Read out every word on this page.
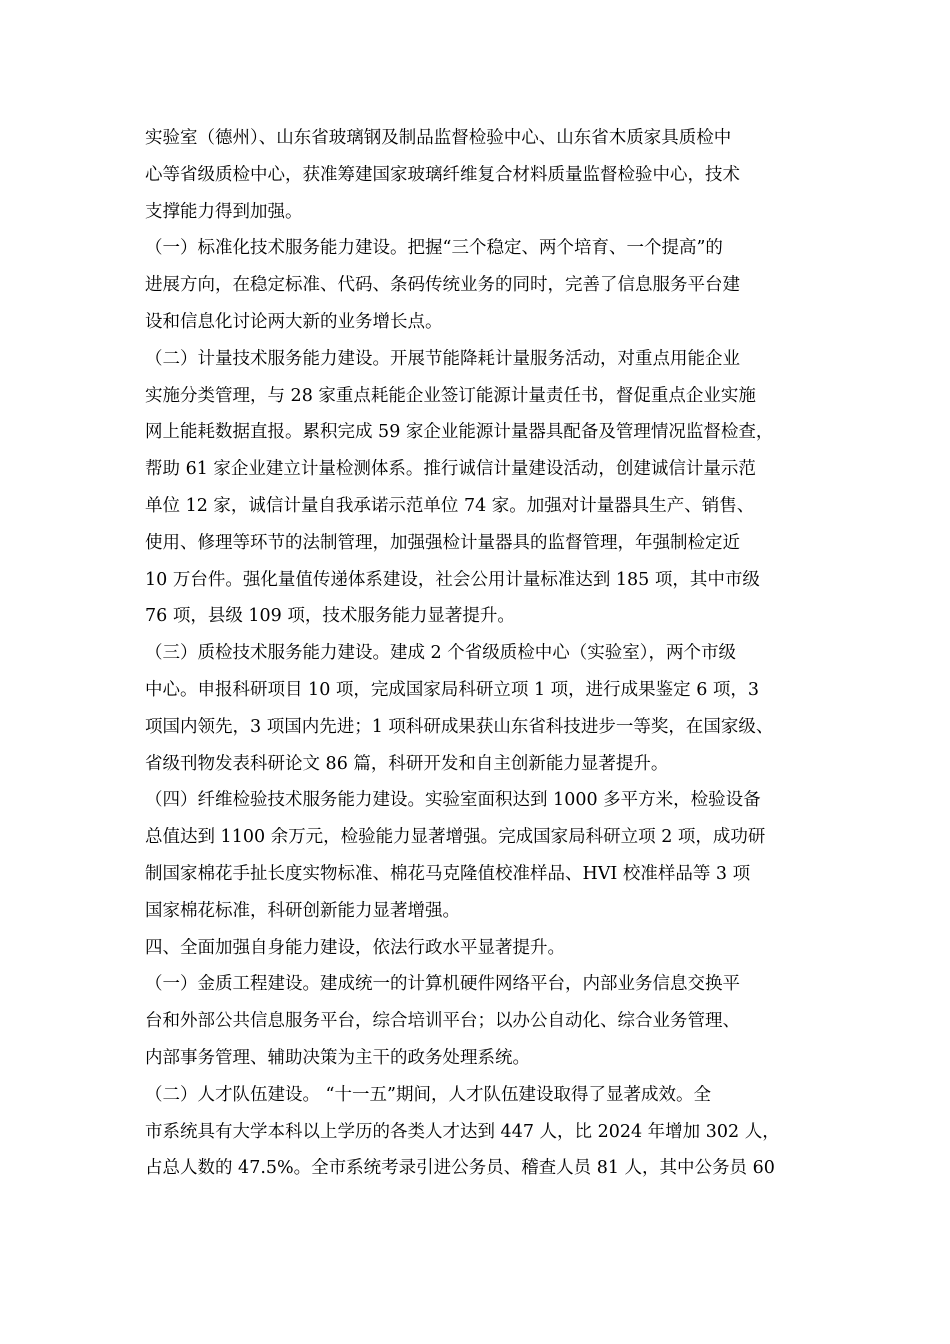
实验室（德州）、山东省玻璃钢及制品监督检验中心、山东省木质家具质检中
心等省级质检中心，获准筹建国家玻璃纤维复合材料质量监督检验中心，技术
支撑能力得到加强。
（一）标准化技术服务能力建设。把握“三个稳定、两个培育、一个提高”的
进展方向，在稳定标准、代码、条码传统业务的同时，完善了信息服务平台建
设和信息化讨论两大新的业务增长点。
（二）计量技术服务能力建设。开展节能降耗计量服务活动，对重点用能企业
实施分类管理，与 28 家重点耗能企业签订能源计量责任书，督促重点企业实施
网上能耗数据直报。累积完成 59 家企业能源计量器具配备及管理情况监督检查，
帮助 61 家企业建立计量检测体系。推行诚信计量建设活动，创建诚信计量示范
单位 12 家，诚信计量自我承诺示范单位 74 家。加强对计量器具生产、销售、
使用、修理等环节的法制管理，加强强检计量器具的监督管理，年强制检定近
10 万台件。强化量值传递体系建设，社会公用计量标准达到 185 项，其中市级
76 项，县级 109 项，技术服务能力显著提升。
（三）质检技术服务能力建设。建成 2 个省级质检中心（实验室），两个市级
中心。申报科研项目 10 项，完成国家局科研立项 1 项，进行成果鉴定 6 项，3
项国内领先，3 项国内先进；1 项科研成果获山东省科技进步一等奖，在国家级、
省级刊物发表科研论文 86 篇，科研开发和自主创新能力显著提升。
（四）纤维检验技术服务能力建设。实验室面积达到 1000 多平方米，检验设备
总值达到 1100 余万元，检验能力显著增强。完成国家局科研立项 2 项，成功研
制国家棉花手扯长度实物标准、棉花马克隆值校准样品、HVI 校准样品等 3 项
国家棉花标准，科研创新能力显著增强。
四、全面加强自身能力建设，依法行政水平显著提升。
（一）金质工程建设。建成统一的计算机硬件网络平台，内部业务信息交换平
台和外部公共信息服务平台，综合培训平台；以办公自动化、综合业务管理、
内部事务管理、辅助决策为主干的政务处理系统。
（二）人才队伍建设。 “十一五”期间，人才队伍建设取得了显著成效。全
市系统具有大学本科以上学历的各类人才达到 447 人，比 2024 年增加 302 人，
占总人数的 47.5%。全市系统考录引进公务员、稽查人员 81 人，其中公务员 60
